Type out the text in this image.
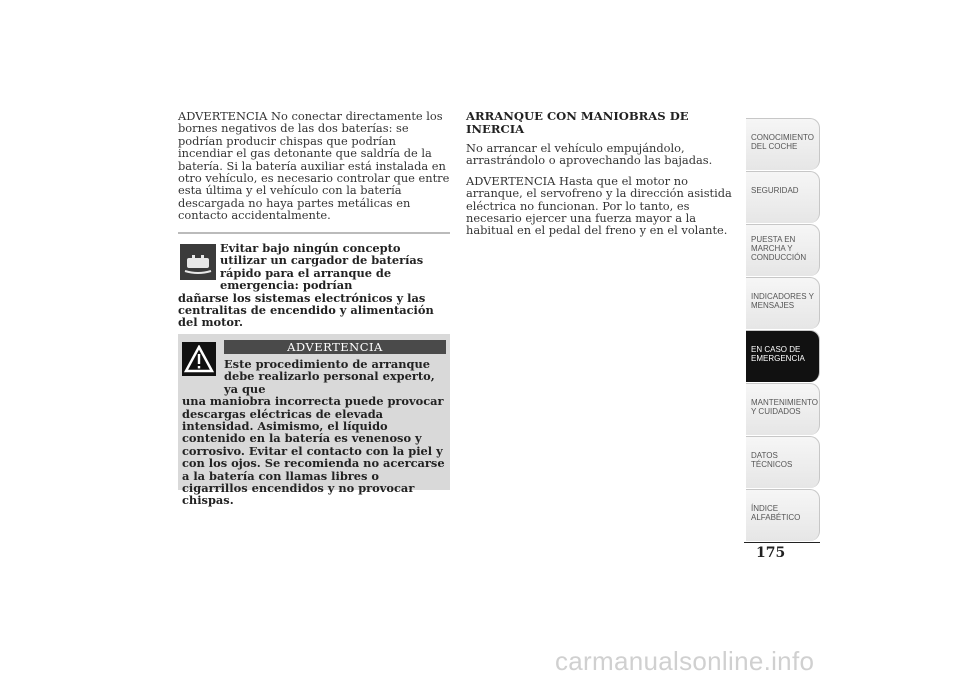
ADVERTENCIA No conectar directamente los bornes negativos de las dos baterías: se podrían producir chispas que podrían incendiar el gas detonante que saldría de la batería. Si la batería auxiliar está instalada en otro vehículo, es necesario controlar que entre esta última y el vehículo con la batería descargada no haya partes metálicas en contacto accidentalmente.

Evitar bajo ningún concepto utilizar un cargador de baterías rápido para el arranque de emergencia: podrían
dañarse los sistemas electrónicos y las centralitas de encendido y alimentación del motor.
ADVERTENCIA
Este procedimiento de arranque debe realizarlo personal experto, ya que
una maniobra incorrecta puede provocar descargas eléctricas de elevada intensidad. Asimismo, el líquido contenido en la batería es venenoso y corrosivo. Evitar el contacto con la piel y con los ojos. Se recomienda no acercarse a la batería con llamas libres o cigarrillos encendidos y no provocar chispas.
ARRANQUE CON MANIOBRAS DE INERCIA

No arrancar el vehículo empujándolo, arrastrándolo o aprovechando las bajadas.

ADVERTENCIA Hasta que el motor no arranque, el servofreno y la dirección asistida eléctrica no funcionan. Por lo tanto, es necesario ejercer una fuerza mayor a la habitual en el pedal del freno y en el volante.

CONOCIMIENTO DEL COCHE
SEGURIDAD
PUESTA EN MARCHA Y CONDUCCIÓN
INDICADORES Y MENSAJES
EN CASO DE EMERGENCIA
MANTENIMIENTO Y CUIDADOS
DATOS TÉCNICOS
ÍNDICE ALFABÉTICO
175
carmanualsonline.info
